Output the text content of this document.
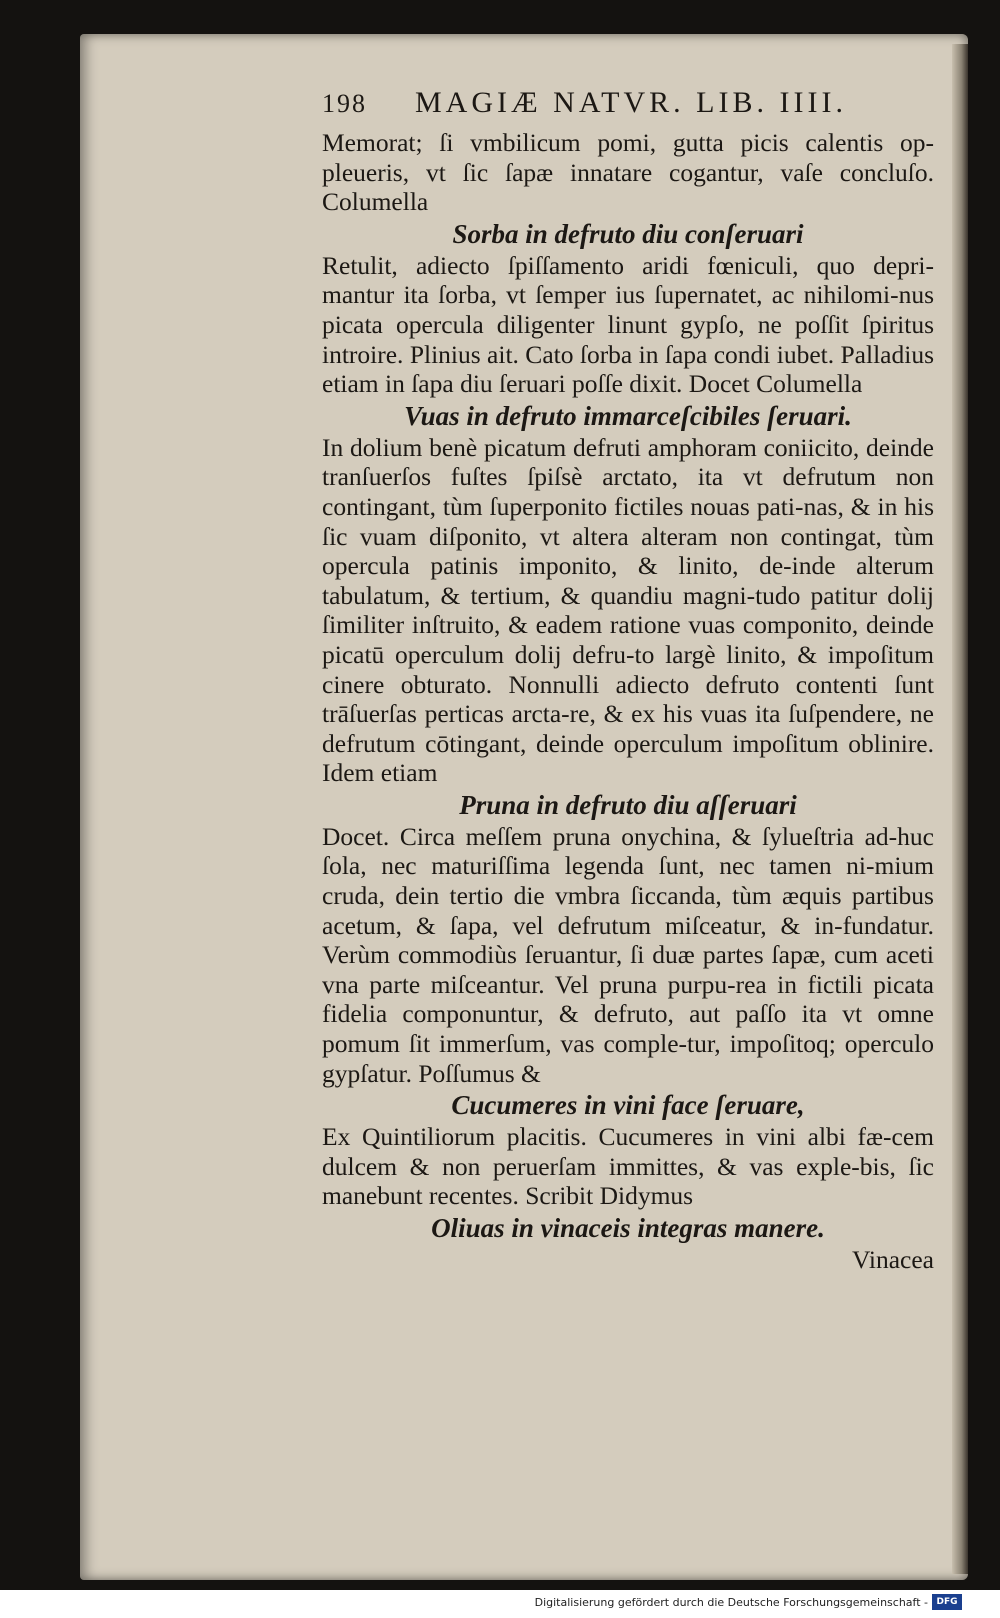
198 MAGIÆ NATVR. LIB. IIII.

Memorat; ſi vmbilicum pomi, gutta picis calentis op‐pleueris, vt ſic ſapæ innatare cogantur, vaſe concluſo. Columella

Sorba in defruto diu conſeruari

Retulit, adiecto ſpiſſamento aridi fœniculi, quo depri‐mantur ita ſorba, vt ſemper ius ſupernatet, ac nihilomi‐nus picata opercula diligenter linunt gypſo, ne poſſit ſpiritus introire. Plinius ait. Cato ſorba in ſapa condi iubet. Palladius etiam in ſapa diu ſeruari poſſe dixit. Docet Columella

Vuas in defruto immarceſcibiles ſeruari.

In dolium benè picatum defruti amphoram coniicito, deinde tranſuerſos fuſtes ſpiſsè arctato, ita vt defrutum non contingant, tùm ſuperponito fictiles nouas pati‐nas, & in his ſic vuam diſponito, vt altera alteram non contingat, tùm opercula patinis imponito, & linito, de‐inde alterum tabulatum, & tertium, & quandiu magni‐tudo patitur dolij ſimiliter inſtruito, & eadem ratione vuas componito, deinde picatū operculum dolij defru‐to largè linito, & impoſitum cinere obturato. Nonnulli adiecto defruto contenti ſunt trāſuerſas perticas arcta‐re, & ex his vuas ita ſuſpendere, ne defrutum cōtingant, deinde operculum impoſitum oblinire. Idem etiam

Pruna in defruto diu aſſeruari

Docet. Circa meſſem pruna onychina, & ſylueſtria ad‐huc ſola, nec maturiſſima legenda ſunt, nec tamen ni‐mium cruda, dein tertio die vmbra ſiccanda, tùm æquis partibus acetum, & ſapa, vel defrutum miſceatur, & in‐fundatur. Verùm commodiùs ſeruantur, ſi duæ partes ſapæ, cum aceti vna parte miſceantur. Vel pruna purpu‐rea in fictili picata fidelia componuntur, & defruto, aut paſſo ita vt omne pomum ſit immerſum, vas comple‐tur, impoſitoq; operculo gypſatur. Poſſumus &

Cucumeres in vini face ſeruare,

Ex Quintiliorum placitis. Cucumeres in vini albi fæ‐cem dulcem & non peruerſam immittes, & vas exple‐bis, ſic manebunt recentes. Scribit Didymus

Oliuas in vinaceis integras manere.

Vinacea

Digitalisierung gefördert durch die Deutsche Forschungsgemeinschaft - DFG
